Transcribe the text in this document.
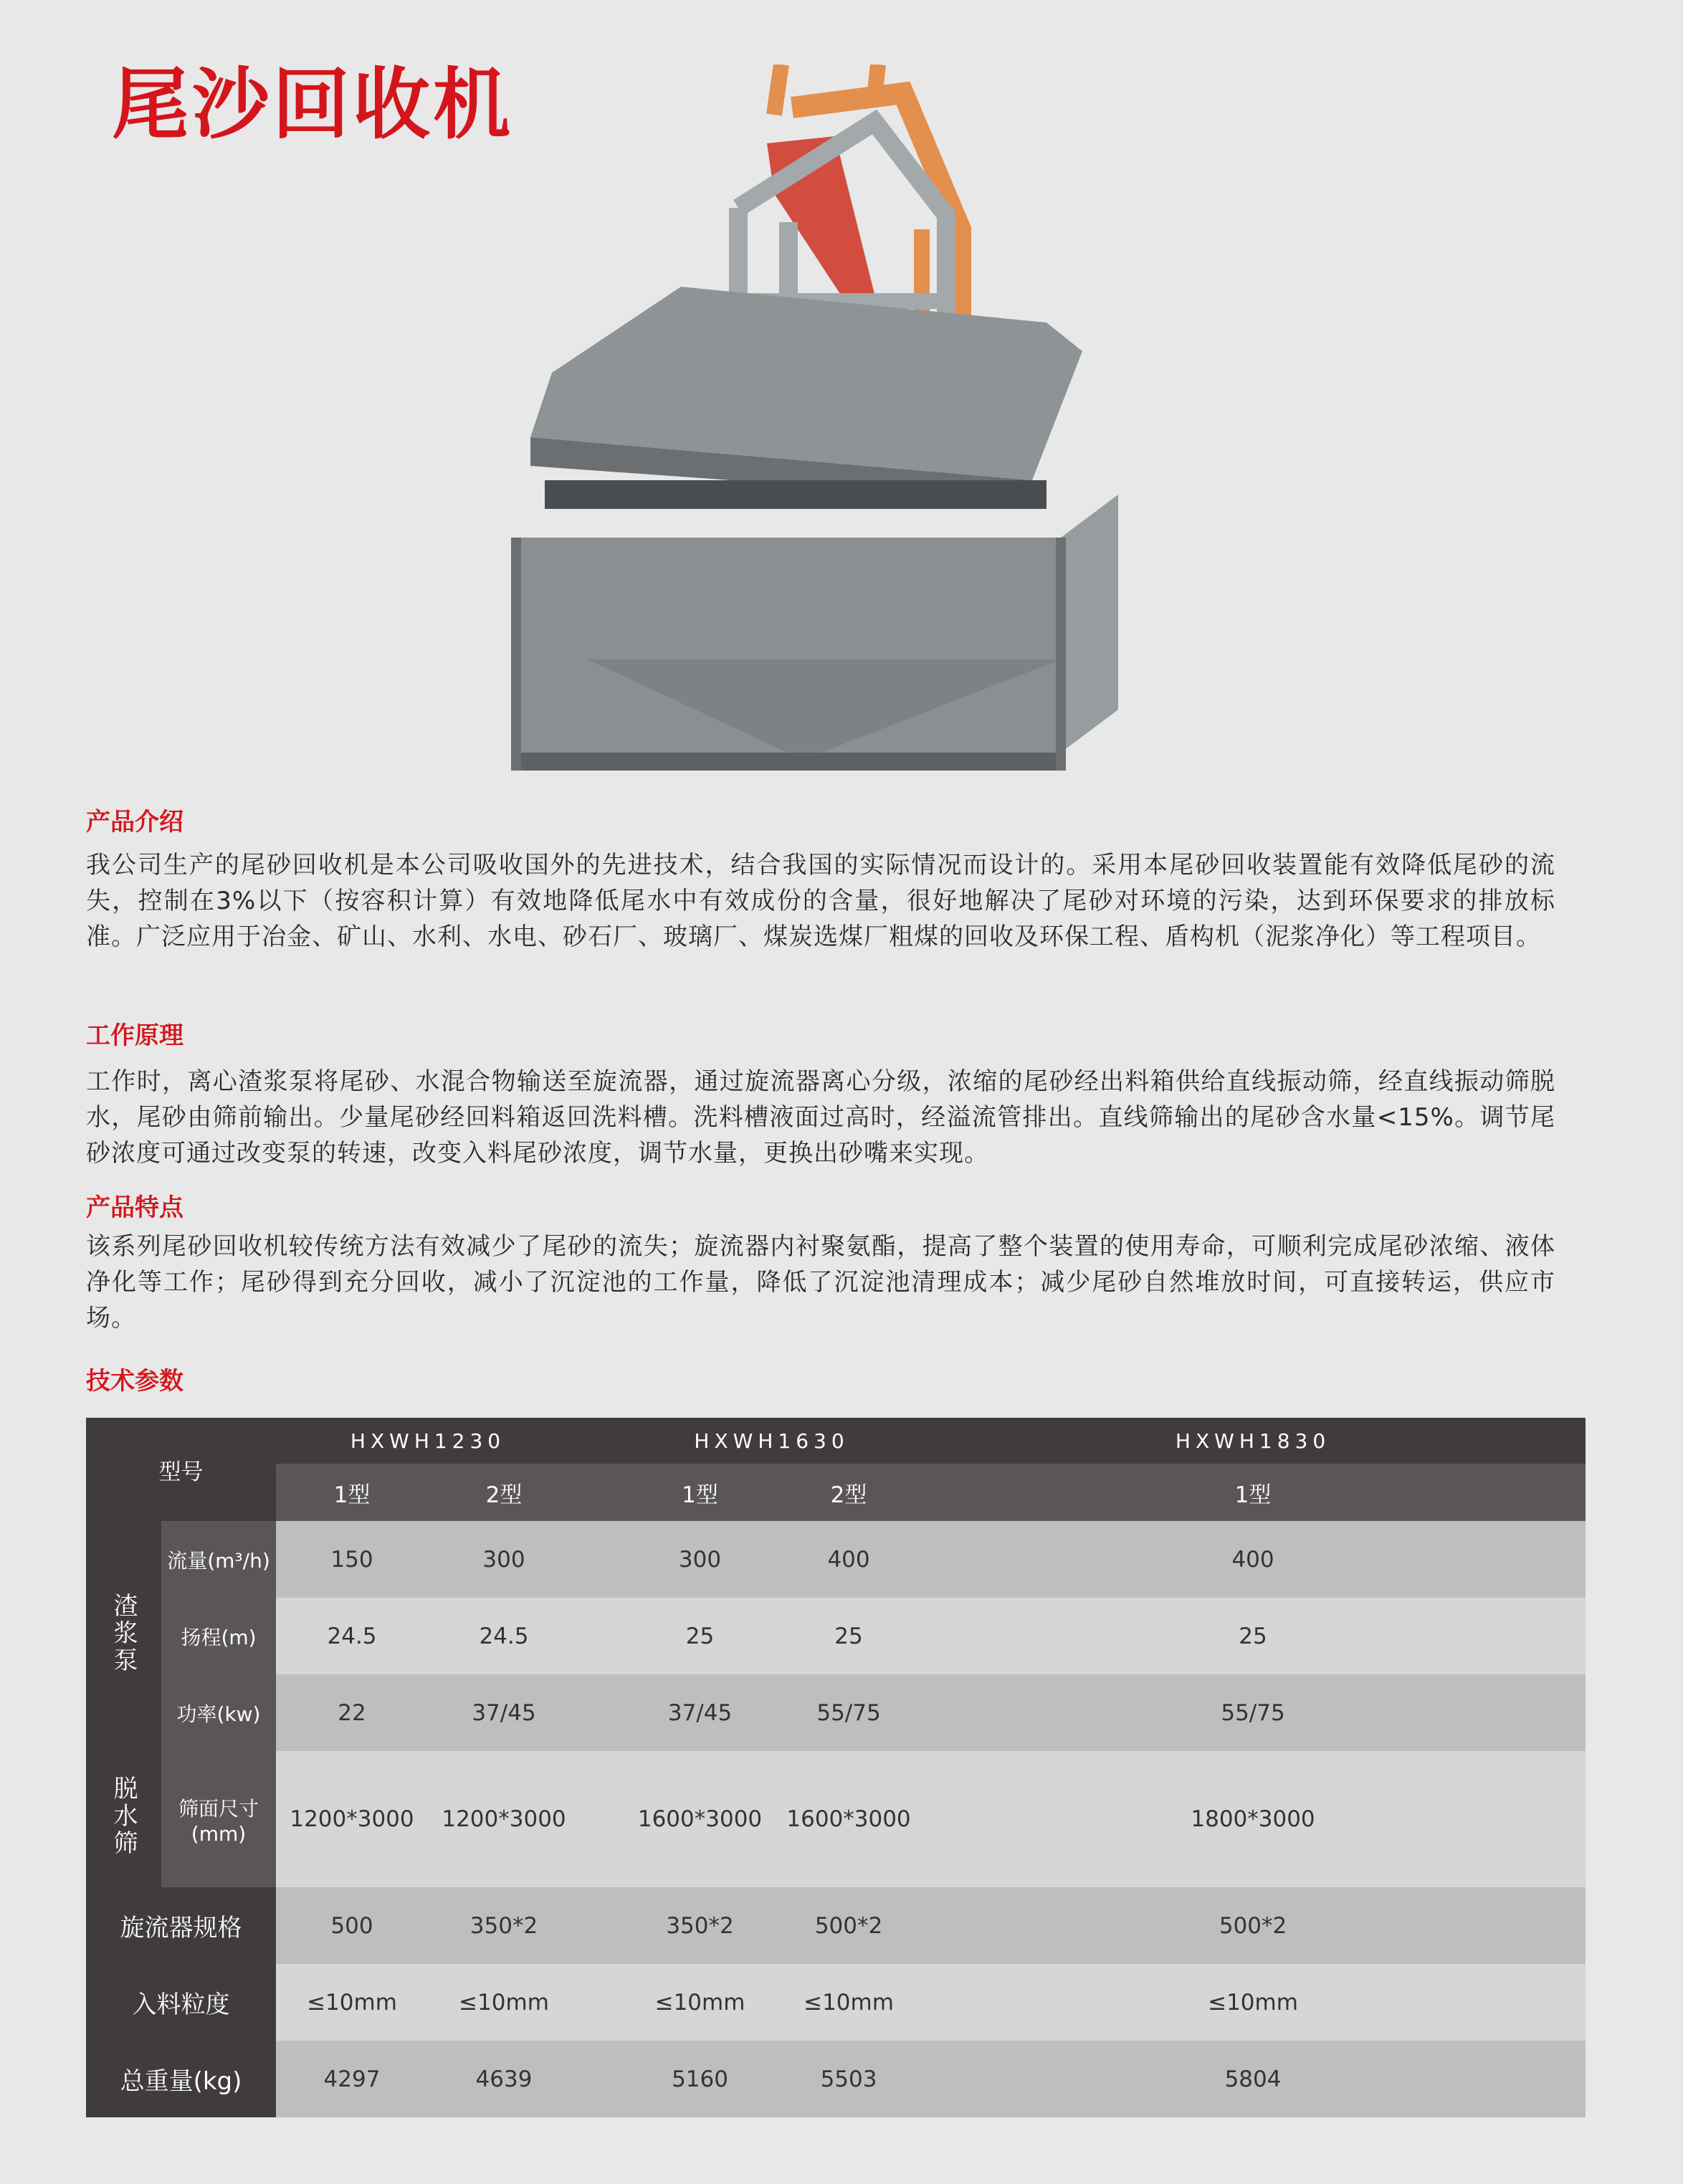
尾沙回收机
产品介绍
我公司生产的尾砂回收机是本公司吸收国外的先进技术，结合我国的实际情况而设计的。采用本尾砂回收装置能有效降低尾砂的流失，控制在3%以下（按容积计算）有效地降低尾水中有效成份的含量，很好地解决了尾砂对环境的污染，达到环保要求的排放标准。广泛应用于冶金、矿山、水利、水电、砂石厂、玻璃厂、煤炭选煤厂粗煤的回收及环保工程、盾构机（泥浆净化）等工程项目。
工作原理
工作时，离心渣浆泵将尾砂、水混合物输送至旋流器，通过旋流器离心分级，浓缩的尾砂经出料箱供给直线振动筛，经直线振动筛脱水，尾砂由筛前输出。少量尾砂经回料箱返回洗料槽。洗料槽液面过高时，经溢流管排出。直线筛输出的尾砂含水量<15%。调节尾砂浓度可通过改变泵的转速，改变入料尾砂浓度，调节水量，更换出砂嘴来实现。
产品特点
该系列尾砂回收机较传统方法有效减少了尾砂的流失；旋流器内衬聚氨酯，提高了整个装置的使用寿命，可顺利完成尾砂浓缩、液体净化等工作；尾砂得到充分回收，减小了沉淀池的工作量，降低了沉淀池清理成本；减少尾砂自然堆放时间，可直接转运，供应市场。
技术参数
型号		HXWH1230			HXWH1630		HXWH1830
		1型	2型		1型	2型	1型
渣浆泵	流量(m³/h)	150	300		300	400	400
	扬程(m)	24.5	24.5		25	25	25
	功率(kw)	22	37/45		37/45	55/75	55/75
脱水筛	筛面尺寸(mm)	1200*3000	1200*3000		1600*3000	1600*3000	1800*3000
旋流器规格		500	350*2		350*2	500*2	500*2
入料粒度		≤10mm	≤10mm		≤10mm	≤10mm	≤10mm
总重量(kg)		4297	4639		5160	5503	5804
